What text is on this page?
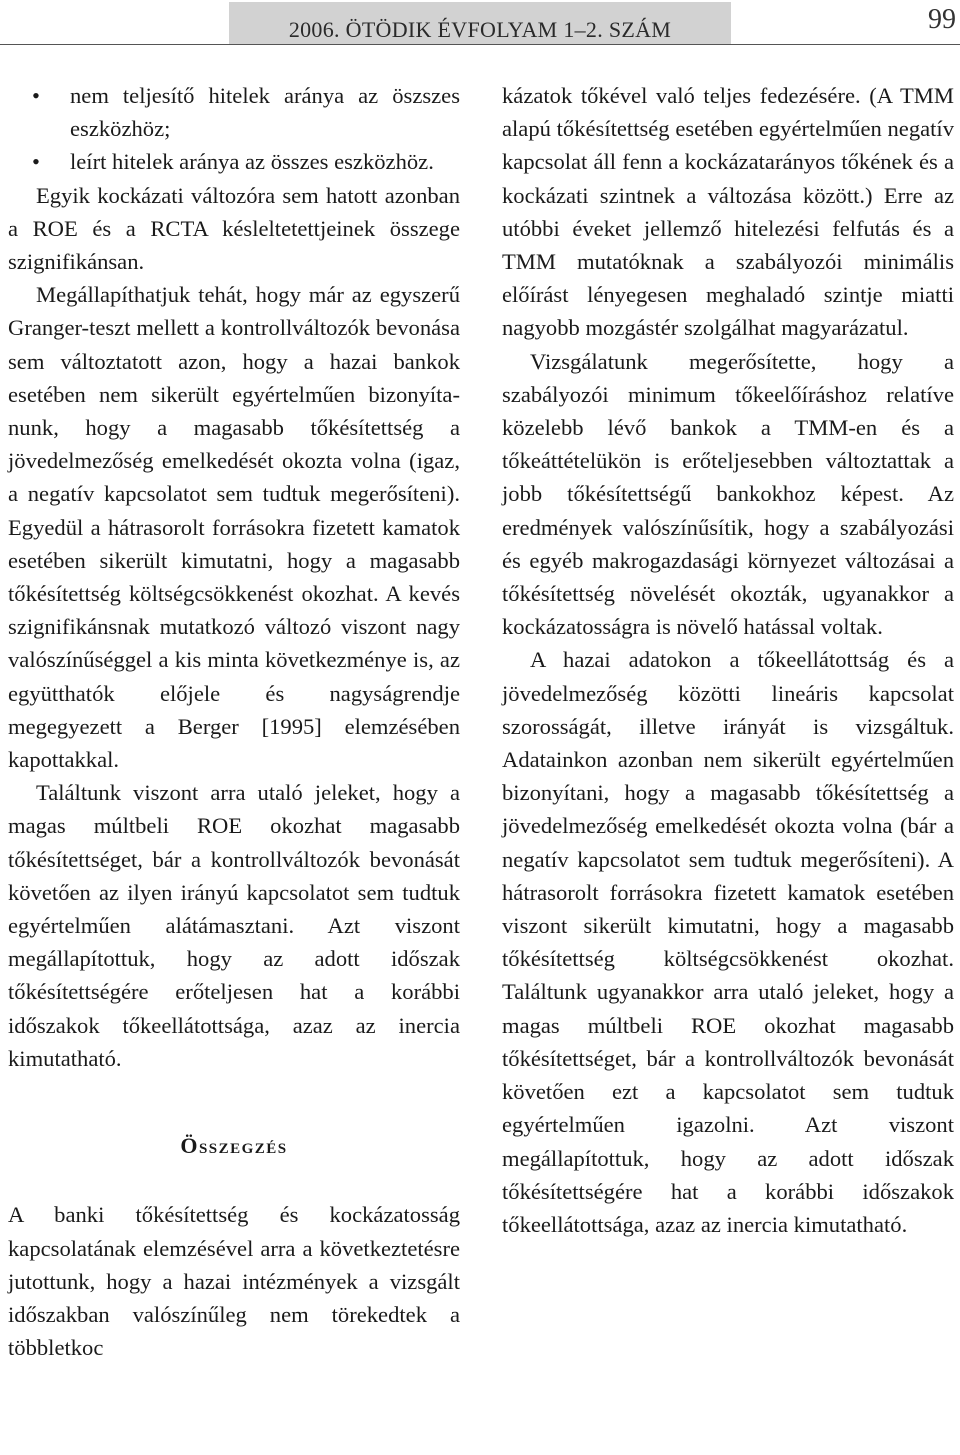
2006. ÖTÖDIK ÉVFOLYAM 1–2. SZÁM	99
• nem teljesítő hitelek aránya az öszszes eszközhöz;
• leírt hitelek aránya az összes eszközhöz.

Egyik kockázati változóra sem hatott azonban a ROE és a RCTA késleltetettjeinek összege szignifikánsan.

Megállapíthatjuk tehát, hogy már az egyszerű Granger-teszt mellett a kontrollváltozók bevonása sem változtatott azon, hogy a hazai bankok esetében nem sikerült egyértelműen bizonyítanunk, hogy a magasabb tőkésítettség a jövedelmezőség emelkedését okozta volna (igaz, a negatív kapcsolatot sem tudtuk megerősíteni). Egyedül a hátrasorolt forrásokra fizetett kamatok esetében sikerült kimutatni, hogy a magasabb tőkésítettség költségcsökkenést okozhat. A kevés szignifikánsnak mutatkozó változó viszont nagy valószínűséggel a kis minta következménye is, az együtthatók előjele és nagyságrendje megegyezett a Berger [1995] elemzésében kapottakkal.

Találtunk viszont arra utaló jeleket, hogy a magas múltbeli ROE okozhat magasabb tőkésítettséget, bár a kontrollváltozók bevonását követően az ilyen irányú kapcsolatot sem tudtuk egyértelműen alátámasztani. Azt viszont megállapítottuk, hogy az adott időszak tőkésítettségére erőteljesen hat a korábbi időszakok tőkeellátottsága, azaz az inercia kimutatható.

Összegzés

A banki tőkésítettség és kockázatosság kapcsolatának elemzésével arra a következtetésre jutottunk, hogy a hazai intézmények a vizsgált időszakban valószínűleg nem törekedtek a többletkoc

kázatok tőkével való teljes fedezésére. (A TMM alapú tőkésítettség esetében egyértelműen negatív kapcsolat áll fenn a kockázatarányos tőkének és a kockázati szintnek a változása között.) Erre az utóbbi éveket jellemző hitelezési felfutás és a TMM mutatóknak a szabályozói minimális előírást lényegesen meghaladó szintje miatti nagyobb mozgástér szolgálhat magyarázatul.

Vizsgálatunk megerősítette, hogy a szabályozói minimum tőkeelőíráshoz relatíve közelebb lévő bankok a TMM-en és a tőkeáttételükön is erőteljesebben változtattak a jobb tőkésítettségű bankokhoz képest. Az eredmények valószínűsítik, hogy a szabályozási és egyéb makrogazdasági környezet változásai a tőkésítettség növelését okozták, ugyanakkor a kockázatosságra is növelő hatással voltak.

A hazai adatokon a tőkeellátottság és a jövedelmezőség közötti lineáris kapcsolat szorosságát, illetve irányát is vizsgáltuk. Adatainkon azonban nem sikerült egyértelműen bizonyítani, hogy a magasabb tőkésítettség a jövedelmezőség emelkedését okozta volna (bár a negatív kapcsolatot sem tudtuk megerősíteni). A hátrasorolt forrásokra fizetett kamatok esetében viszont sikerült kimutatni, hogy a magasabb tőkésítettség költségcsökkenést okozhat. Találtunk ugyanakkor arra utaló jeleket, hogy a magas múltbeli ROE okozhat magasabb tőkésítettséget, bár a kontrollváltozók bevonását követően ezt a kapcsolatot sem tudtuk egyértelműen igazolni. Azt viszont megállapítottuk, hogy az adott időszak tőkésítettségére hat a korábbi időszakok tőkeellátottsága, azaz az inercia kimutatható.
